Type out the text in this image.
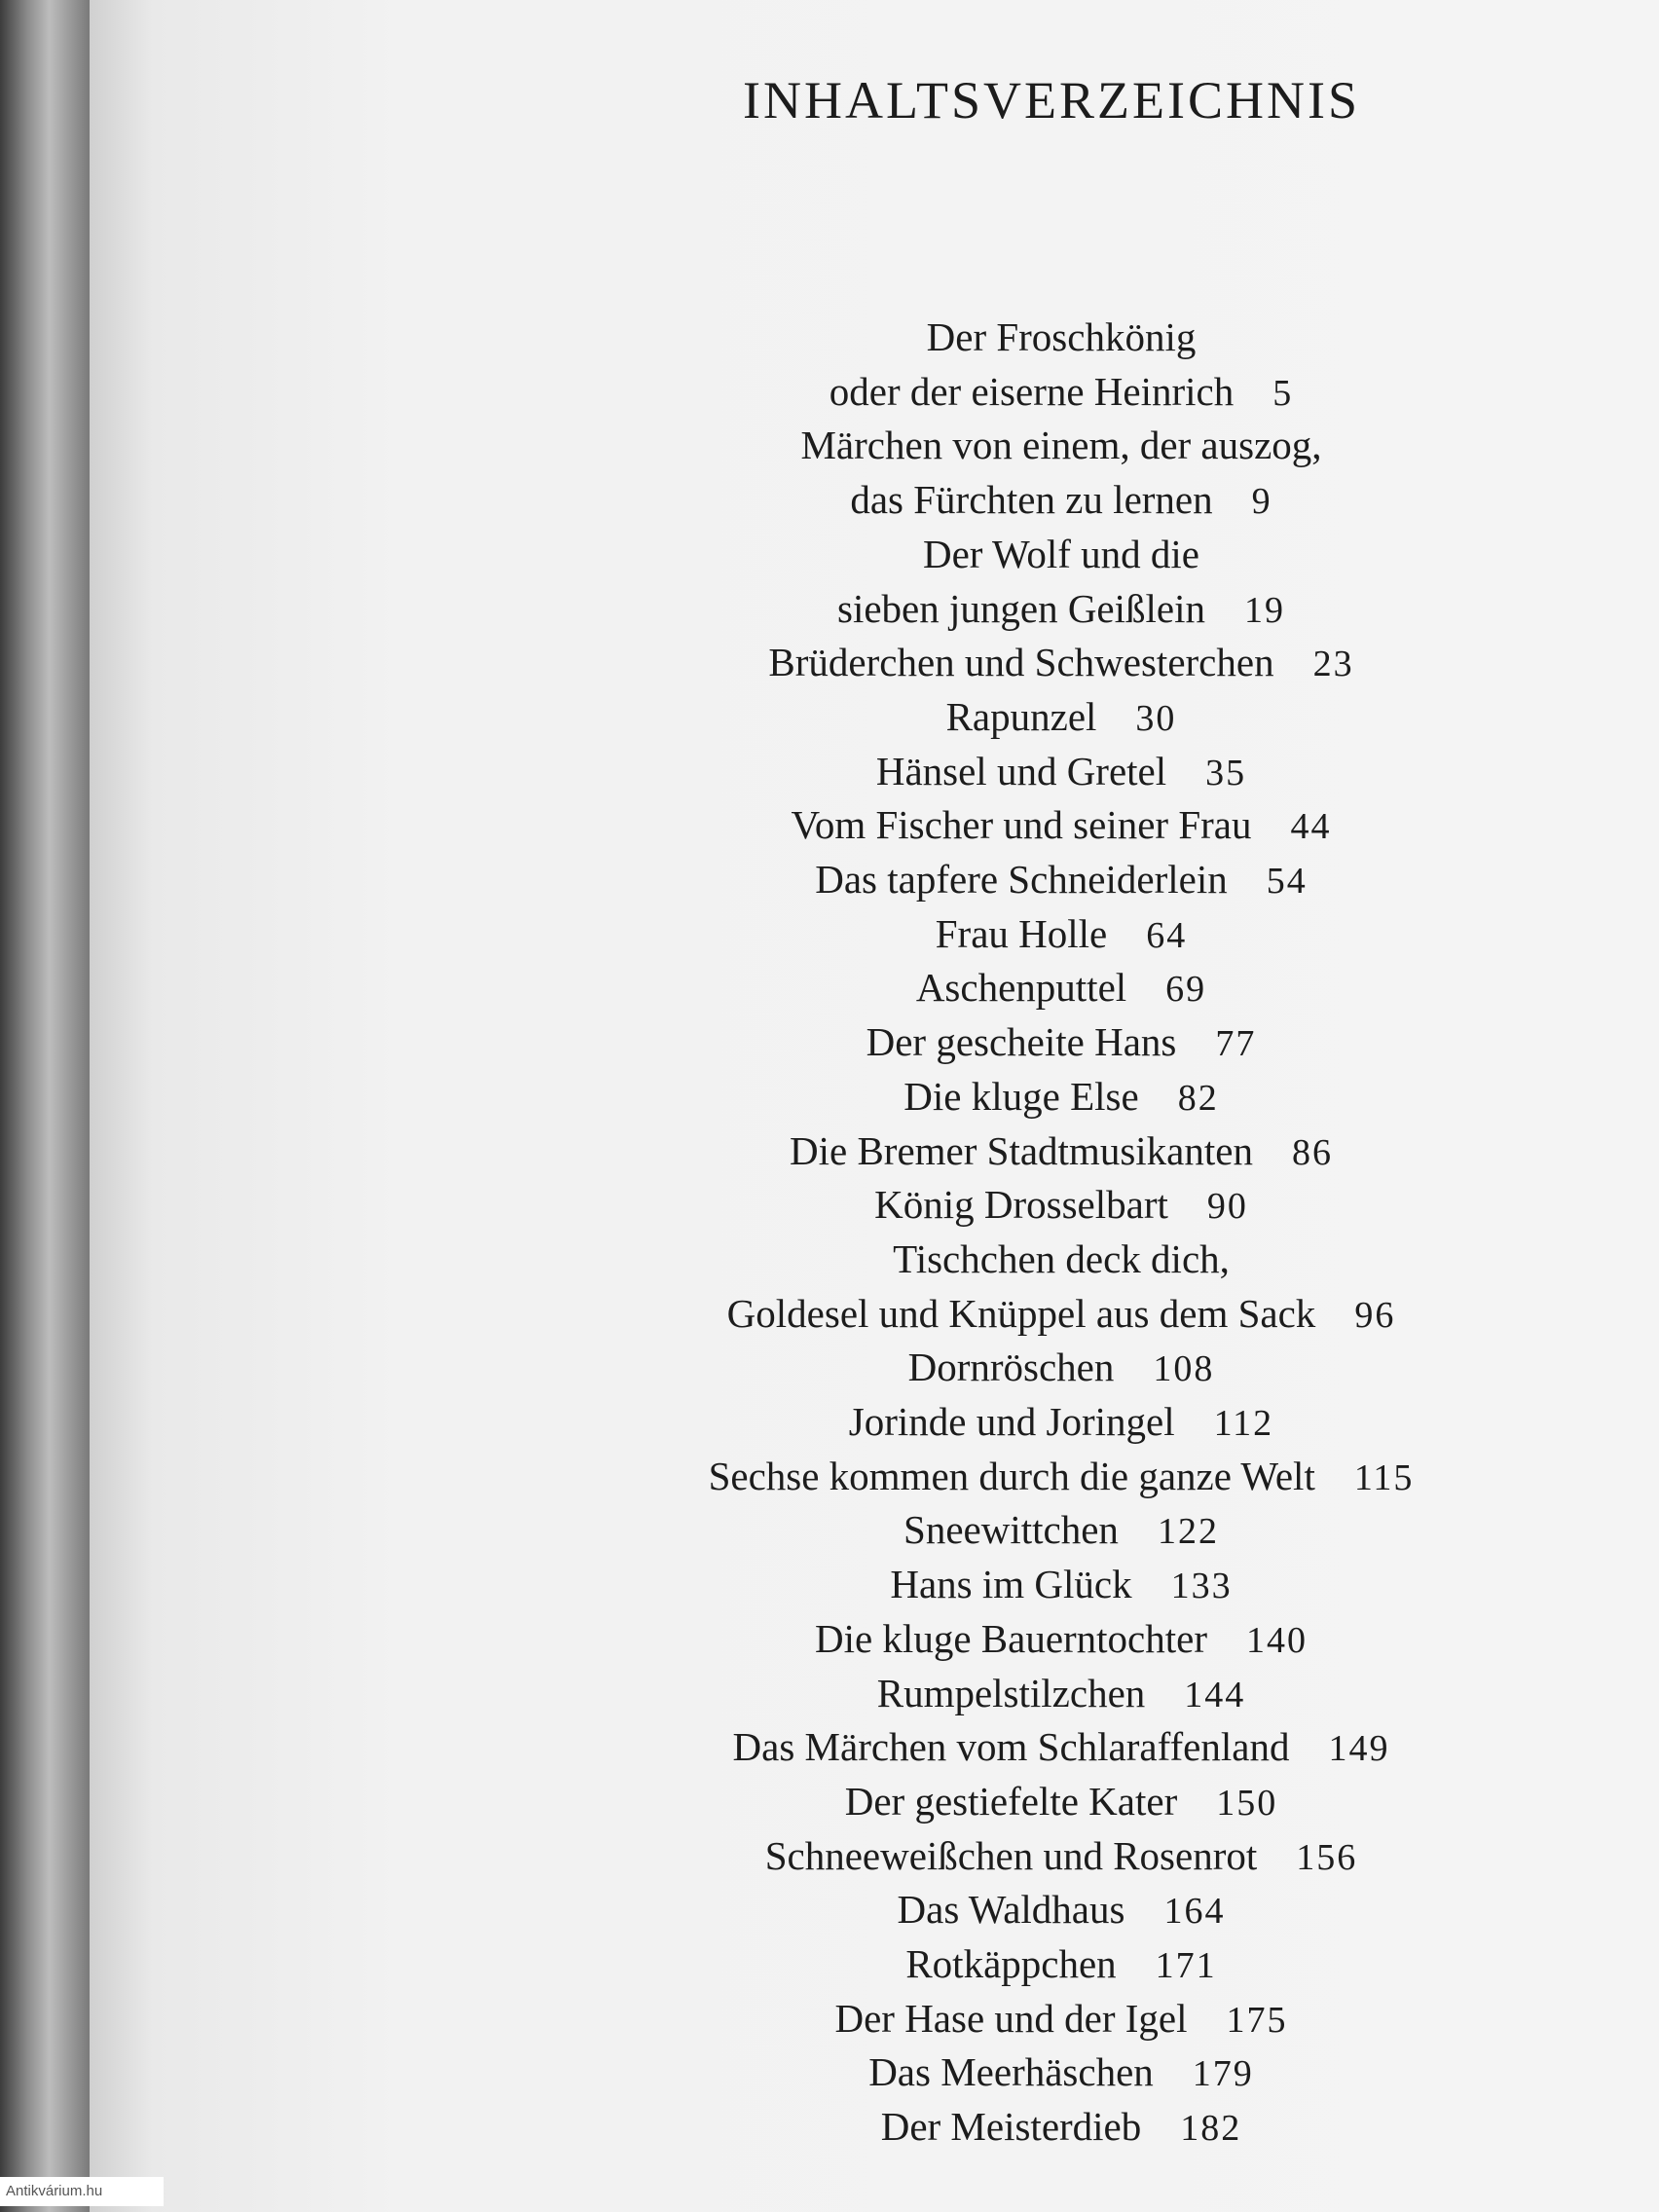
INHALTSVERZEICHNIS
Der Froschkönig
oder der eiserne Heinrich 5
Märchen von einem, der auszog,
das Fürchten zu lernen 9
Der Wolf und die
sieben jungen Geißlein 19
Brüderchen und Schwesterchen 23
Rapunzel 30
Hänsel und Gretel 35
Vom Fischer und seiner Frau 44
Das tapfere Schneiderlein 54
Frau Holle 64
Aschenputtel 69
Der gescheite Hans 77
Die kluge Else 82
Die Bremer Stadtmusikanten 86
König Drosselbart 90
Tischchen deck dich,
Goldesel und Knüppel aus dem Sack 96
Dornröschen 108
Jorinde und Joringel 112
Sechse kommen durch die ganze Welt 115
Sneewittchen 122
Hans im Glück 133
Die kluge Bauerntochter 140
Rumpelstilzchen 144
Das Märchen vom Schlaraffenland 149
Der gestiefelte Kater 150
Schneeweißchen und Rosenrot 156
Das Waldhaus 164
Rotkäppchen 171
Der Hase und der Igel 175
Das Meerhäschen 179
Der Meisterdieb 182
Antikvárium.hu
